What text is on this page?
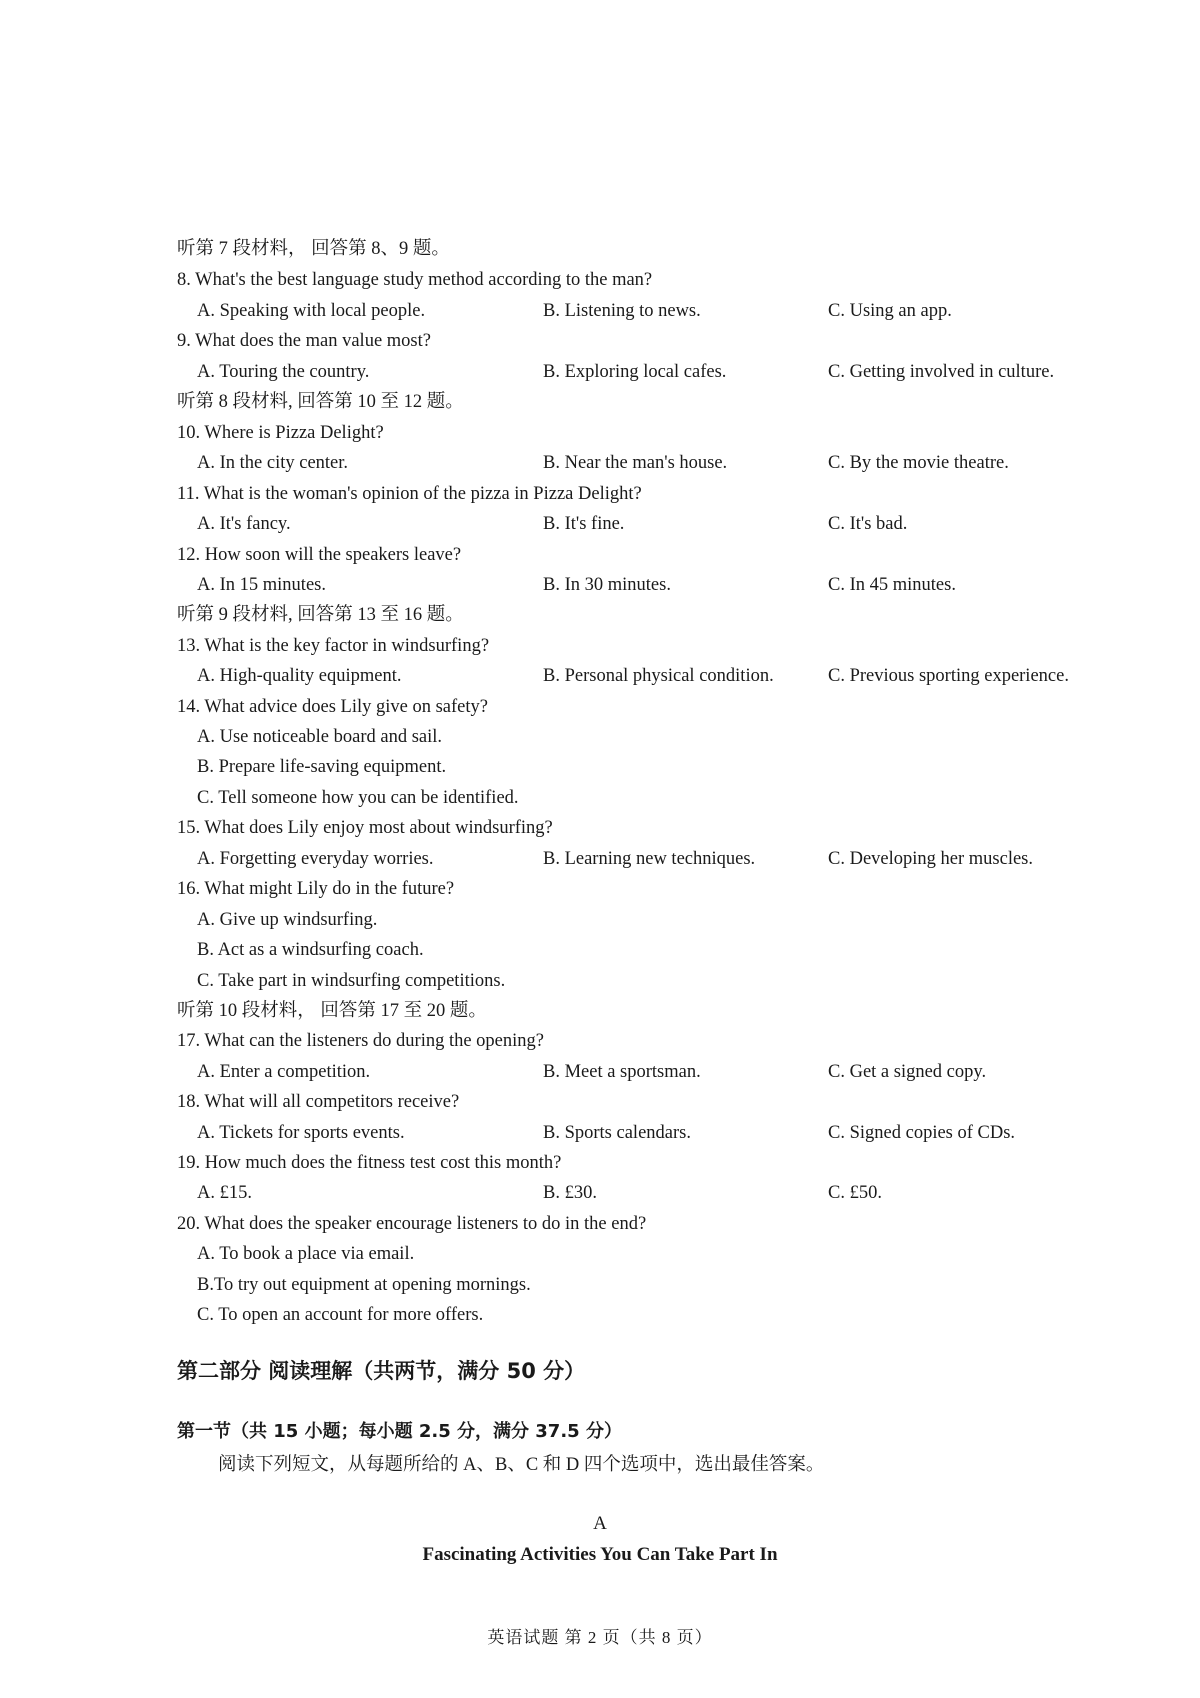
听第 7 段材料， 回答第 8、9 题。
8. What's the best language study method according to the man?
A. Speaking with local people.	B. Listening to news.	C. Using an app.
9. What does the man value most?
A. Touring the country.	B. Exploring local cafes.	C. Getting involved in culture.
听第 8 段材料, 回答第 10 至 12 题。
10. Where is Pizza Delight?
A. In the city center.	B. Near the man's house.	C. By the movie theatre.
11. What is the woman's opinion of the pizza in Pizza Delight?
A. It's fancy.	B. It's fine.	C. It's bad.
12. How soon will the speakers leave?
A. In 15 minutes.	B. In 30 minutes.	C. In 45 minutes.
听第 9 段材料, 回答第 13 至 16 题。
13. What is the key factor in windsurfing?
A. High-quality equipment.	B. Personal physical condition.	C. Previous sporting experience.
14. What advice does Lily give on safety?
A. Use noticeable board and sail.
B. Prepare life-saving equipment.
C. Tell someone how you can be identified.
15. What does Lily enjoy most about windsurfing?
A. Forgetting everyday worries.	B. Learning new techniques.	C. Developing her muscles.
16. What might Lily do in the future?
A. Give up windsurfing.
B. Act as a windsurfing coach.
C. Take part in windsurfing competitions.
听第 10 段材料， 回答第 17 至 20 题。
17. What can the listeners do during the opening?
A. Enter a competition.	B. Meet a sportsman.	C. Get a signed copy.
18. What will all competitors receive?
A. Tickets for sports events.	B. Sports calendars.	C. Signed copies of CDs.
19. How much does the fitness test cost this month?
A. £15.	B. £30.	C. £50.
20. What does the speaker encourage listeners to do in the end?
A. To book a place via email.
B.To try out equipment at opening mornings.
C. To open an account for more offers.
第二部分 阅读理解（共两节，满分 50 分）
第一节（共 15 小题；每小题 2.5 分，满分 37.5 分）
阅读下列短文，从每题所给的 A、B、C 和 D 四个选项中，选出最佳答案。
A
Fascinating Activities You Can Take Part In
英语试题 第 2 页（共 8 页）
